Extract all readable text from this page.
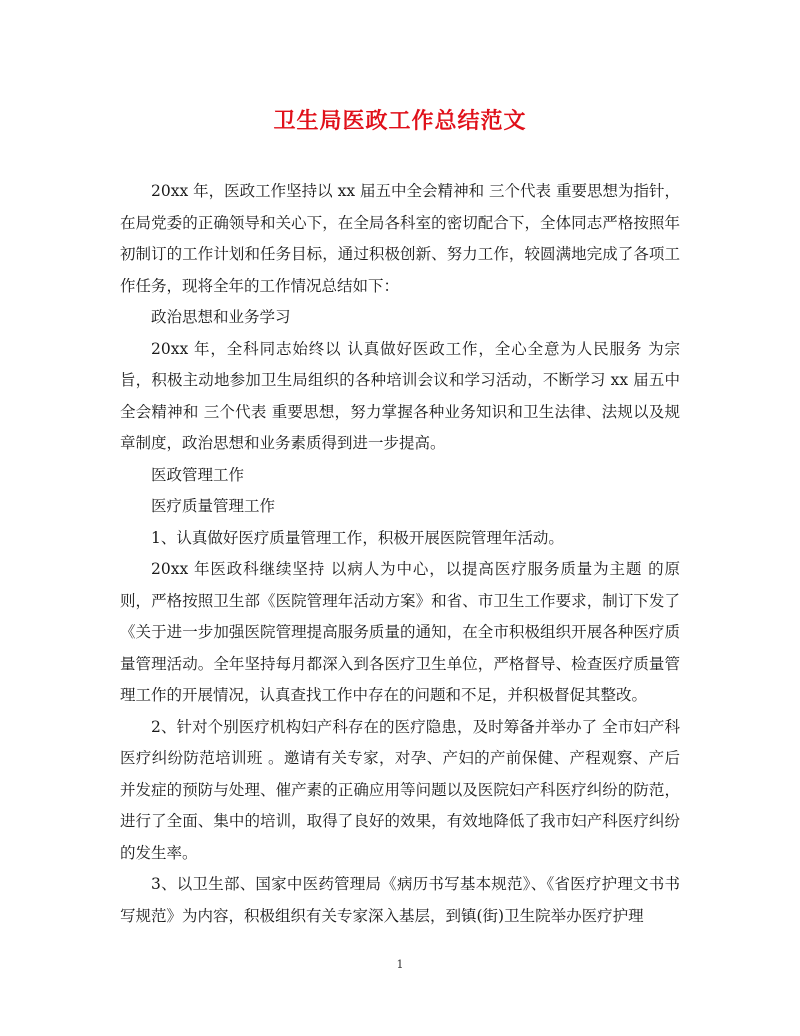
卫生局医政工作总结范文

20xx 年，医政工作坚持以 xx 届五中全会精神和 三个代表 重要思想为指针，在局党委的正确领导和关心下，在全局各科室的密切配合下，全体同志严格按照年初制订的工作计划和任务目标，通过积极创新、努力工作，较圆满地完成了各项工作任务，现将全年的工作情况总结如下：

政治思想和业务学习

20xx 年，全科同志始终以 认真做好医政工作，全心全意为人民服务 为宗旨，积极主动地参加卫生局组织的各种培训会议和学习活动，不断学习 xx 届五中全会精神和 三个代表 重要思想，努力掌握各种业务知识和卫生法律、法规以及规章制度，政治思想和业务素质得到进一步提高。

医政管理工作

医疗质量管理工作

1、认真做好医疗质量管理工作，积极开展医院管理年活动。

20xx 年医政科继续坚持 以病人为中心，以提高医疗服务质量为主题 的原则，严格按照卫生部《医院管理年活动方案》和省、市卫生工作要求，制订下发了《关于进一步加强医院管理提高服务质量的通知，在全市积极组织开展各种医疗质量管理活动。全年坚持每月都深入到各医疗卫生单位，严格督导、检查医疗质量管理工作的开展情况，认真查找工作中存在的问题和不足，并积极督促其整改。

2、针对个别医疗机构妇产科存在的医疗隐患，及时筹备并举办了 全市妇产科医疗纠纷防范培训班 。邀请有关专家，对孕、产妇的产前保健、产程观察、产后并发症的预防与处理、催产素的正确应用等问题以及医院妇产科医疗纠纷的防范，进行了全面、集中的培训，取得了良好的效果，有效地降低了我市妇产科医疗纠纷的发生率。

3、以卫生部、国家中医药管理局《病历书写基本规范》、《省医疗护理文书书写规范》为内容，积极组织有关专家深入基层，到镇(街)卫生院举办医疗护理

1
